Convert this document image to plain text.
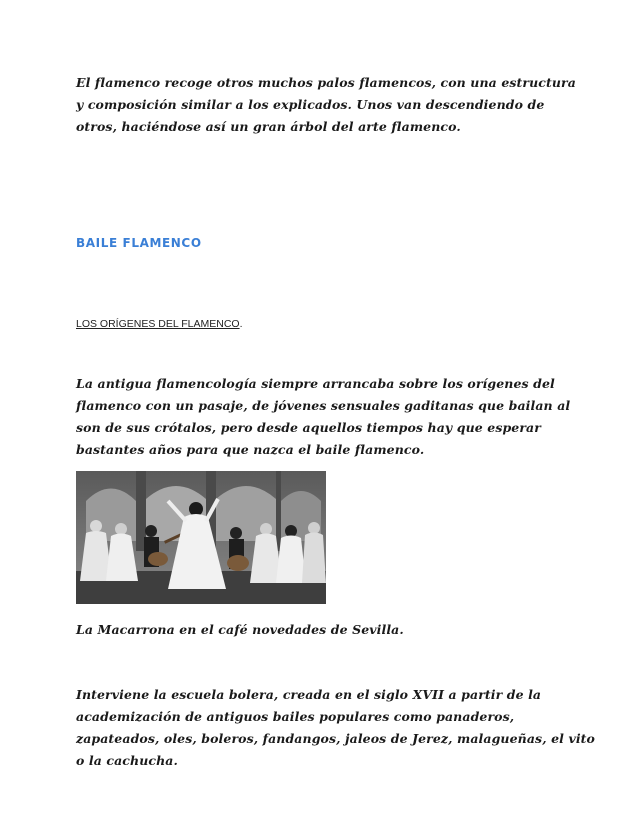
El flamenco recoge otros muchos palos flamencos, con una estructura y composición similar a los explicados. Unos van descendiendo de otros, haciéndose así un gran árbol del arte flamenco.

BAILE FLAMENCO

LOS ORÍGENES DEL FLAMENCO.

La antigua flamencología siempre arrancaba sobre los orígenes del flamenco con un pasaje, de jóvenes sensuales gaditanas que bailan al son de sus crótalos, pero desde aquellos tiempos hay que esperar bastantes años para que nazca el baile flamenco.

La Macarrona en el café novedades de Sevilla.

Interviene la escuela bolera, creada en el siglo XVII a partir de la academización de antiguos bailes populares como panaderos, zapateados, oles, boleros, fandangos, jaleos de Jerez, malagueñas, el vito o la cachucha.
